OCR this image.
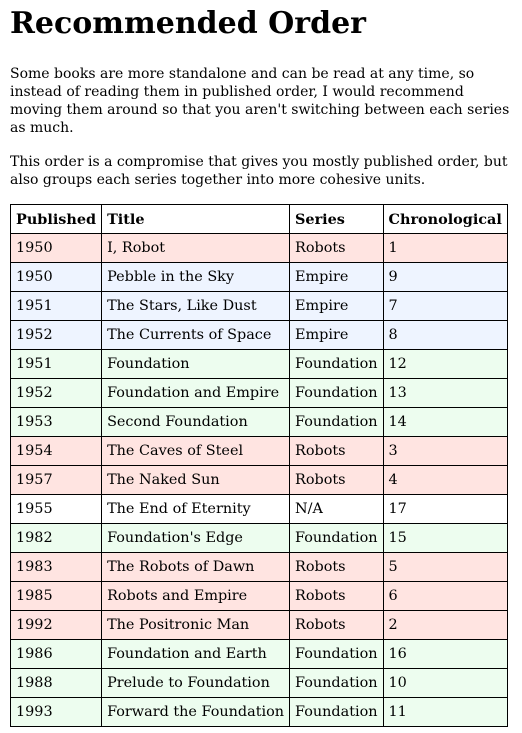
Recommended Order

Some books are more standalone and can be read at any time, so instead of reading them in published order, I would recommend moving them around so that you aren't switching between each series as much.

This order is a compromise that gives you mostly published order, but also groups each series together into more cohesive units.

Published	Title	Series	Chronological
1950	I, Robot	Robots	1
1950	Pebble in the Sky	Empire	9
1951	The Stars, Like Dust	Empire	7
1952	The Currents of Space	Empire	8
1951	Foundation	Foundation	12
1952	Foundation and Empire	Foundation	13
1953	Second Foundation	Foundation	14
1954	The Caves of Steel	Robots	3
1957	The Naked Sun	Robots	4
1955	The End of Eternity	N/A	17
1982	Foundation's Edge	Foundation	15
1983	The Robots of Dawn	Robots	5
1985	Robots and Empire	Robots	6
1992	The Positronic Man	Robots	2
1986	Foundation and Earth	Foundation	16
1988	Prelude to Foundation	Foundation	10
1993	Forward the Foundation	Foundation	11
